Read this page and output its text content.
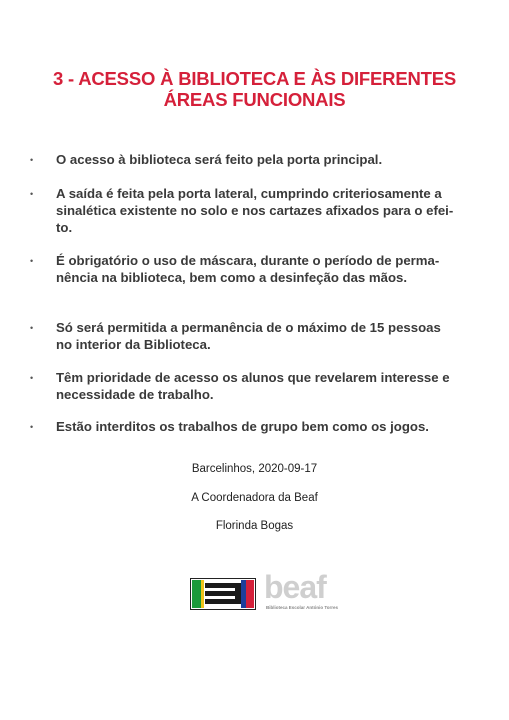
3 - ACESSO À BIBLIOTECA E ÀS DIFERENTES
ÁREAS FUNCIONAIS
• O acesso à biblioteca será feito pela porta principal.
• A saída é feita pela porta lateral, cumprindo criteriosamente a
sinalética existente no solo e nos cartazes afixados para o efei-
to.
• É obrigatório o uso de máscara, durante o período de perma-
nência na biblioteca, bem como a desinfeção das mãos.
• Só será permitida a permanência de o máximo de 15 pessoas
no interior da Biblioteca.
• Têm prioridade de acesso os alunos que revelarem interesse e
necessidade de trabalho.
• Estão interditos os trabalhos de grupo bem como os jogos.
Barcelinhos, 2020-09-17
A Coordenadora da Beaf
Florinda Bogas
beaf
Biblioteca Escolar António Torres
